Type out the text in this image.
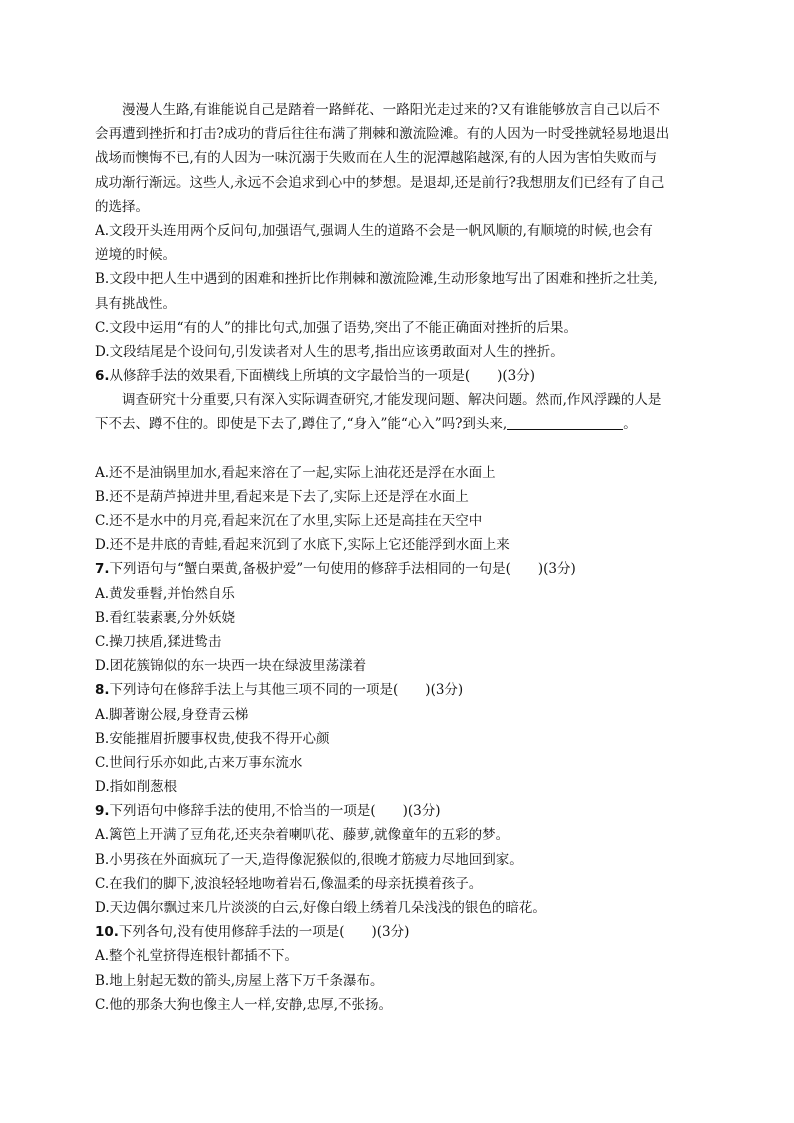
漫漫人生路,有谁能说自己是踏着一路鲜花、一路阳光走过来的?又有谁能够放言自己以后不
会再遭到挫折和打击?成功的背后往往布满了荆棘和激流险滩。有的人因为一时受挫就轻易地退出
战场而懊悔不已,有的人因为一味沉溺于失败而在人生的泥潭越陷越深,有的人因为害怕失败而与
成功渐行渐远。这些人,永远不会追求到心中的梦想。是退却,还是前行?我想朋友们已经有了自己
的选择。
A.文段开头连用两个反问句,加强语气,强调人生的道路不会是一帆风顺的,有顺境的时候,也会有
逆境的时候。
B.文段中把人生中遇到的困难和挫折比作荆棘和激流险滩,生动形象地写出了困难和挫折之壮美,
具有挑战性。
C.文段中运用“有的人”的排比句式,加强了语势,突出了不能正确面对挫折的后果。
D.文段结尾是个设问句,引发读者对人生的思考,指出应该勇敢面对人生的挫折。
6.从修辞手法的效果看,下面横线上所填的文字最恰当的一项是(　　)(3分)
调查研究十分重要,只有深入实际调查研究,才能发现问题、解决问题。然而,作风浮躁的人是
下不去、蹲不住的。即使是下去了,蹲住了,“身入”能“心入”吗?到头来,	。
A.还不是油锅里加水,看起来溶在了一起,实际上油花还是浮在水面上
B.还不是葫芦掉进井里,看起来是下去了,实际上还是浮在水面上
C.还不是水中的月亮,看起来沉在了水里,实际上还是高挂在天空中
D.还不是井底的青蛙,看起来沉到了水底下,实际上它还能浮到水面上来
7.下列语句与“蟹白栗黄,备极护爱”一句使用的修辞手法相同的一句是(　　)(3分)
A.黄发垂髫,并怡然自乐
B.看红装素裹,分外妖娆
C.操刀挟盾,猱进鸷击
D.团花簇锦似的东一块西一块在绿波里荡漾着
8.下列诗句在修辞手法上与其他三项不同的一项是(　　)(3分)
A.脚著谢公屐,身登青云梯
B.安能摧眉折腰事权贵,使我不得开心颜
C.世间行乐亦如此,古来万事东流水
D.指如削葱根
9.下列语句中修辞手法的使用,不恰当的一项是(　　)(3分)
A.篱笆上开满了豆角花,还夹杂着喇叭花、藤萝,就像童年的五彩的梦。
B.小男孩在外面疯玩了一天,造得像泥猴似的,很晚才筋疲力尽地回到家。
C.在我们的脚下,波浪轻轻地吻着岩石,像温柔的母亲抚摸着孩子。
D.天边偶尔飘过来几片淡淡的白云,好像白缎上绣着几朵浅浅的银色的暗花。
10.下列各句,没有使用修辞手法的一项是(　　)(3分)
A.整个礼堂挤得连根针都插不下。
B.地上射起无数的箭头,房屋上落下万千条瀑布。
C.他的那条大狗也像主人一样,安静,忠厚,不张扬。
